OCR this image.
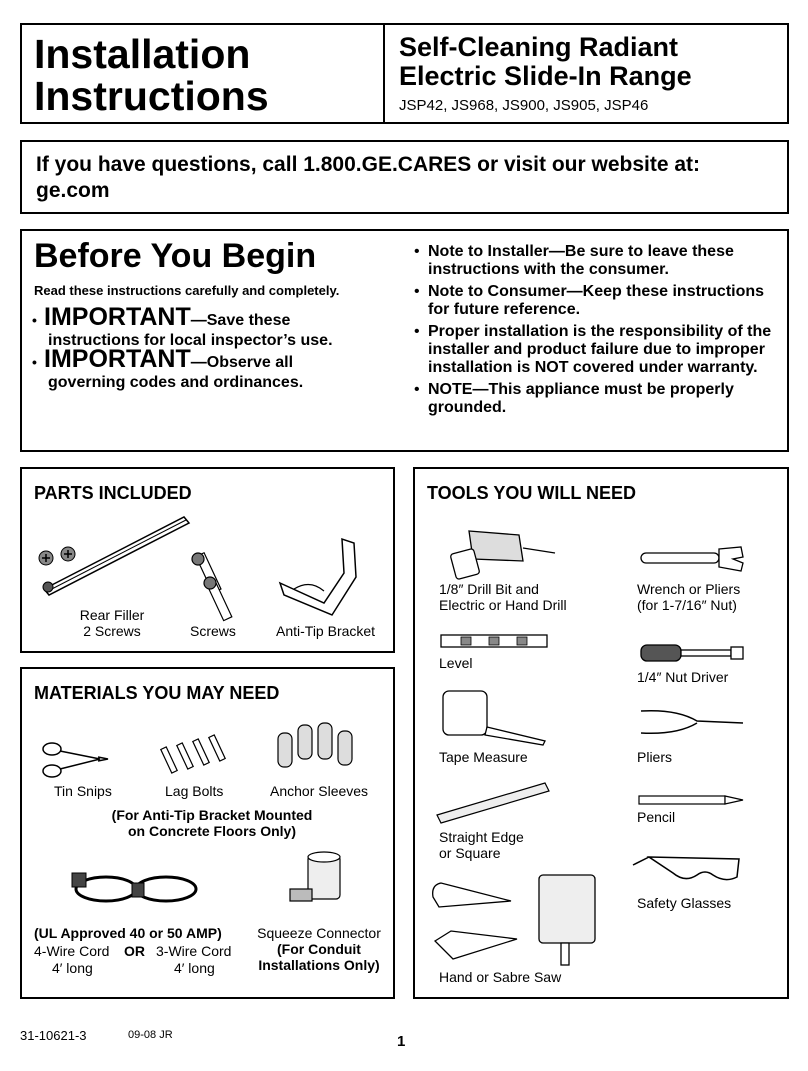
Installation
Instructions
Self-Cleaning Radiant
Electric Slide-In Range
JSP42, JS968, JS900, JS905, JSP46
If you have questions, call 1.800.GE.CARES or visit our website at: ge.com
Before You Begin
Read these instructions carefully and completely.
• IMPORTANT—Save these
instructions for local inspector’s use.
• IMPORTANT—Observe all
governing codes and ordinances.
• Note to Installer—Be sure to leave these instructions with the consumer.
• Note to Consumer—Keep these instructions for future reference.
• Proper installation is the responsibility of the installer and product failure due to improper installation is NOT covered under warranty.
• NOTE—This appliance must be properly grounded.
PARTS INCLUDED
Rear Filler
2 Screws	Screws	Anti-Tip Bracket
MATERIALS YOU MAY NEED
Tin Snips	Lag Bolts	Anchor Sleeves
(For Anti-Tip Bracket Mounted
on Concrete Floors Only)
(UL Approved 40 or 50 AMP)
4-Wire Cord OR 3-Wire Cord
4′ long	4′ long
Squeeze Connector
(For Conduit
Installations Only)
TOOLS YOU WILL NEED
1/8″ Drill Bit and
Electric or Hand Drill
Wrench or Pliers
(for 1-7/16″ Nut)
Level
1/4″ Nut Driver
Tape Measure	Pliers
Pencil
Straight Edge
or Square
Safety Glasses
Hand or Sabre Saw
31-10621-3	09-08 JR	1
